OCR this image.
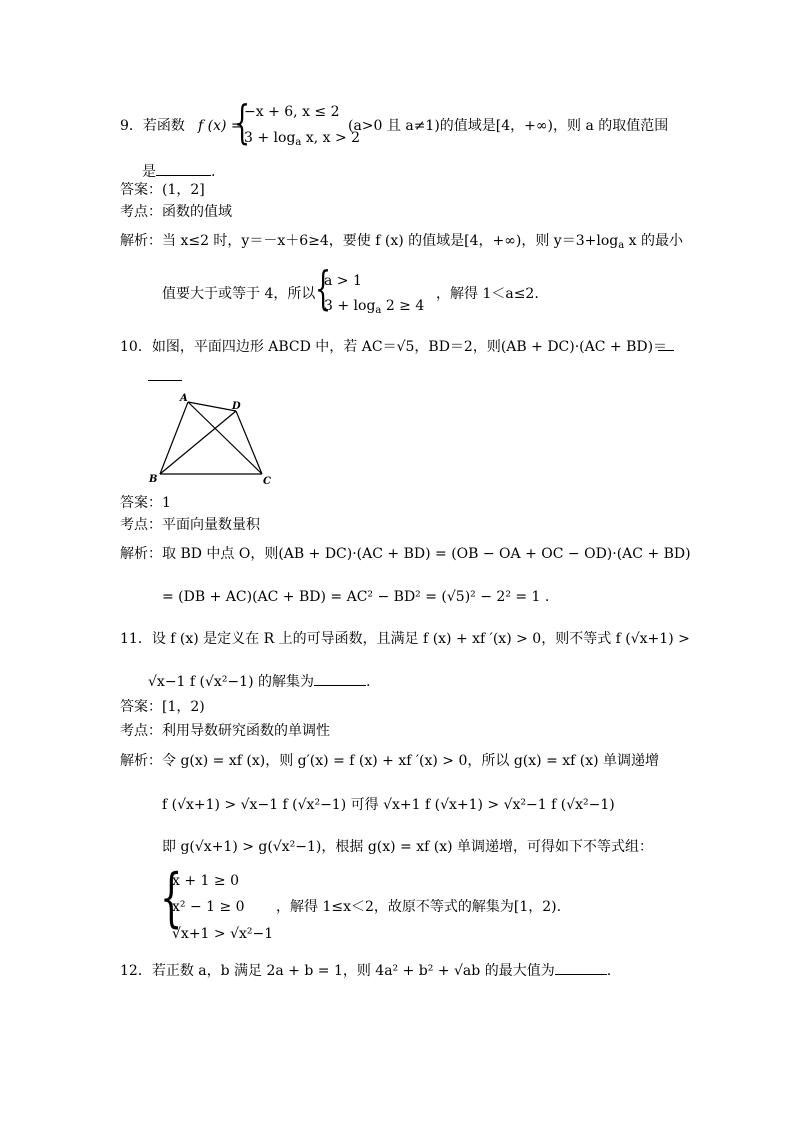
9．若函数 f (x) =
{
−x + 6, x ≤ 2
$3 + \log_a x$, x > 2
(a>0 且 a≠1)的值域是[4，+∞)，则 a 的取值范围
是	.
答案：(1，2]
考点：函数的值域
解析：当 x≤2 时，y＝－x＋6≥4，要使 f (x) 的值域是[4，+∞)，则 $y=3+\log_a$ x 的最小
值要大于或等于 4，所以 {
a > 1
$3 + \log_a 2 \ge 4$
，解得 1＜a≤2.
10．如图，平面四边形 ABCD 中，若 AC＝√5，BD＝2，则(AB + DC)·(AC + BD)＝
A
D
B	C
答案：1
考点：平面向量数量积
解析：取 BD 中点 O，则(AB + DC)·(AC + BD) = (OB − OA + OC − OD)·(AC + BD)
= (DB + AC)(AC + BD) = AC² − BD² = (√5)² − 2² = 1 .
11．设 f (x) 是定义在 R 上的可导函数，且满足 f (x) + xf ′(x) > 0，则不等式 f (√x+1) >
√x−1 f (√x²−1) 的解集为	.
答案：[1，2)
考点：利用导数研究函数的单调性
解析：令 g(x) = xf (x)，则 g′(x) = f (x) + xf ′(x) > 0，所以 g(x) = xf (x) 单调递增
f (√x+1) > √x−1 f (√x²−1) 可得 √x+1 f (√x+1) > √x²−1 f (√x²−1)
即 g(√x+1) > g(√x²−1)，根据 g(x) = xf (x) 单调递增，可得如下不等式组：
{
x + 1 ≥ 0
x² − 1 ≥ 0
√x+1 > √x²−1
，解得 1≤x＜2，故原不等式的解集为[1，2).
12．若正数 a，b 满足 2a + b = 1，则 4a² + b² + √ab 的最大值为	.
